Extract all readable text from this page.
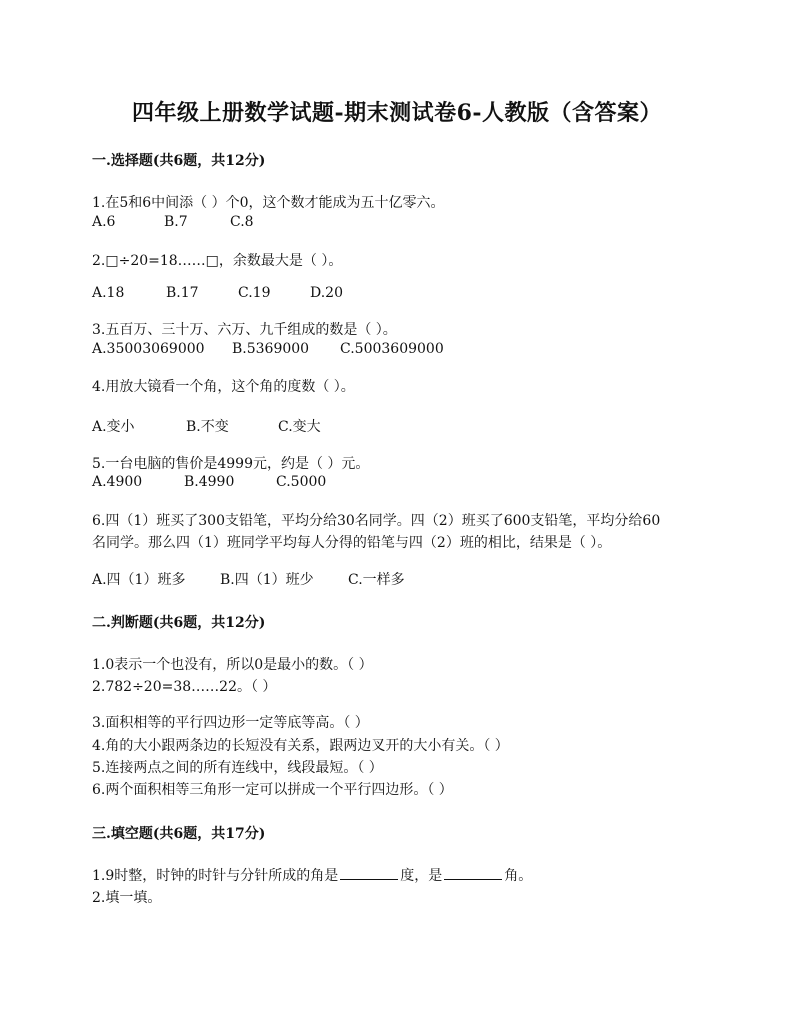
四年级上册数学试题-期末测试卷6-人教版（含答案）
一.选择题(共6题，共12分)
1.在5和6中间添（ ）个0，这个数才能成为五十亿零六。
A.6	B.7	C.8
2.□÷20=18……□，余数最大是（ ）。
A.18	B.17	C.19	D.20
3.五百万、三十万、六万、九千组成的数是（ ）。
A.35003069000	B.5369000	C.5003609000
4.用放大镜看一个角，这个角的度数（ ）。
A.变小	B.不变	C.变大
5.一台电脑的售价是4999元，约是（ ）元。
A.4900	B.4990	C.5000
6.四（1）班买了300支铅笔，平均分给30名同学。四（2）班买了600支铅笔，平均分给60
名同学。那么四（1）班同学平均每人分得的铅笔与四（2）班的相比，结果是（ ）。
A.四（1）班多	B.四（1）班少	C.一样多
二.判断题(共6题，共12分)
1.0表示一个也没有，所以0是最小的数。（ ）
2.782÷20=38……22。（ ）
3.面积相等的平行四边形一定等底等高。（ ）
4.角的大小跟两条边的长短没有关系，跟两边叉开的大小有关。（ ）
5.连接两点之间的所有连线中，线段最短。（ ）
6.两个面积相等三角形一定可以拼成一个平行四边形。（ ）
三.填空题(共6题，共17分)
1.9时整，时钟的时针与分针所成的角是	度，是	角。
2.填一填。
